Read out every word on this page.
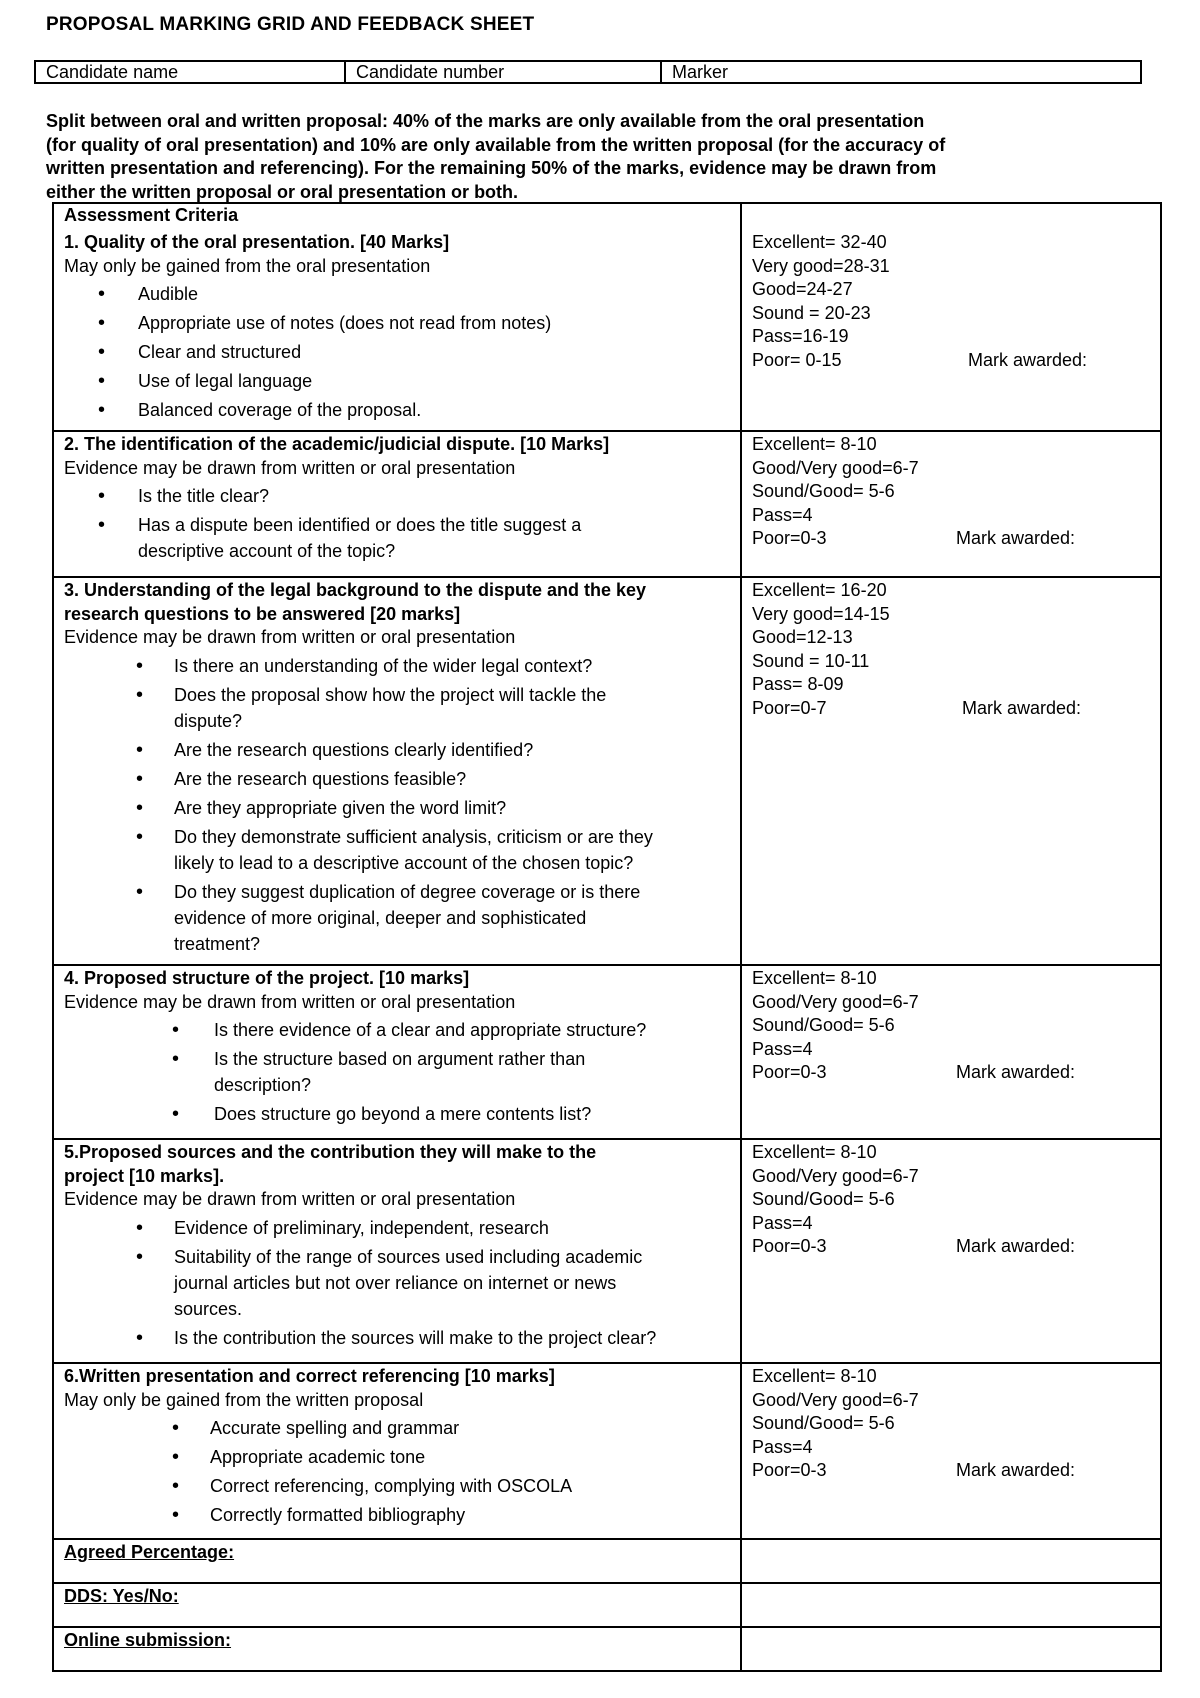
PROPOSAL MARKING GRID AND FEEDBACK SHEET
Candidate name	Candidate number	Marker

Split between oral and written proposal: 40% of the marks are only available from the oral presentation

(for quality of oral presentation) and 10% are only available from the written proposal (for the accuracy of

written presentation and referencing). For the remaining 50% of the marks, evidence may be drawn from

either the written proposal or oral presentation or both.

Assessment Criteria
1. Quality of the oral presentation. [40 Marks]
May only be gained from the oral presentation
• Audible
• Appropriate use of notes (does not read from notes)
• Clear and structured
• Use of legal language
• Balanced coverage of the proposal.
Excellent= 32-40
Very good=28-31
Good=24-27
Sound = 20-23
Pass=16-19
Poor= 0-15	Mark awarded:
2. The identification of the academic/judicial dispute. [10 Marks]
Evidence may be drawn from written or oral presentation
• Is the title clear?
• Has a dispute been identified or does the title suggest a
descriptive account of the topic?
Excellent= 8-10
Good/Very good=6-7
Sound/Good= 5-6
Pass=4
Poor=0-3	Mark awarded:
3. Understanding of the legal background to the dispute and the key
research questions to be answered [20 marks]
Evidence may be drawn from written or oral presentation
• Is there an understanding of the wider legal context?
• Does the proposal show how the project will tackle the
dispute?
• Are the research questions clearly identified?
• Are the research questions feasible?
• Are they appropriate given the word limit?
• Do they demonstrate sufficient analysis, criticism or are they
likely to lead to a descriptive account of the chosen topic?
• Do they suggest duplication of degree coverage or is there
evidence of more original, deeper and sophisticated
treatment?
Excellent= 16-20
Very good=14-15
Good=12-13
Sound = 10-11
Pass= 8-09
Poor=0-7	Mark awarded:
4. Proposed structure of the project. [10 marks]
Evidence may be drawn from written or oral presentation
• Is there evidence of a clear and appropriate structure?
• Is the structure based on argument rather than
description?
• Does structure go beyond a mere contents list?
Excellent= 8-10
Good/Very good=6-7
Sound/Good= 5-6
Pass=4
Poor=0-3	Mark awarded:
5.Proposed sources and the contribution they will make to the
project [10 marks].
Evidence may be drawn from written or oral presentation
• Evidence of preliminary, independent, research
• Suitability of the range of sources used including academic
journal articles but not over reliance on internet or news
sources.
• Is the contribution the sources will make to the project clear?
Excellent= 8-10
Good/Very good=6-7
Sound/Good= 5-6
Pass=4
Poor=0-3	Mark awarded:
6.Written presentation and correct referencing [10 marks]
May only be gained from the written proposal
• Accurate spelling and grammar
• Appropriate academic tone
• Correct referencing, complying with OSCOLA
• Correctly formatted bibliography
Excellent= 8-10
Good/Very good=6-7
Sound/Good= 5-6
Pass=4
Poor=0-3	Mark awarded:
Agreed Percentage:
DDS: Yes/No:
Online submission:
